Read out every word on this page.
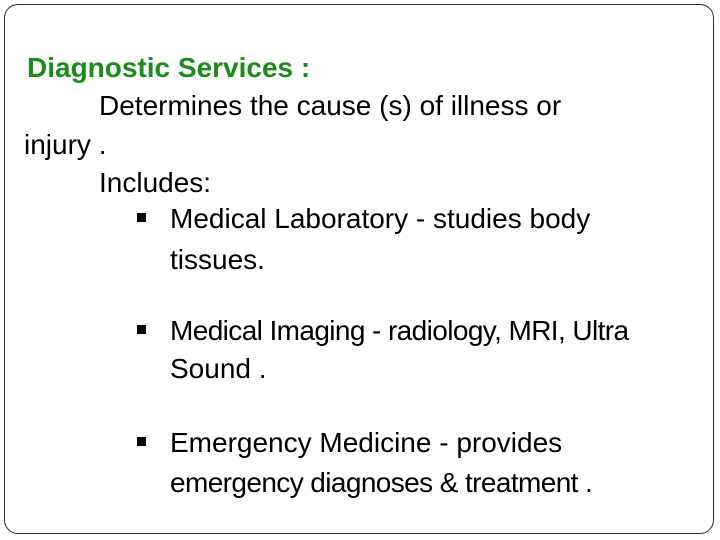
Diagnostic Services :
Determines the cause (s) of illness or
injury .
Includes:
Medical Laboratory - studies body
tissues.
Medical Imaging - radiology, MRI, Ultra
Sound .
Emergency Medicine - provides
emergency diagnoses & treatment .
